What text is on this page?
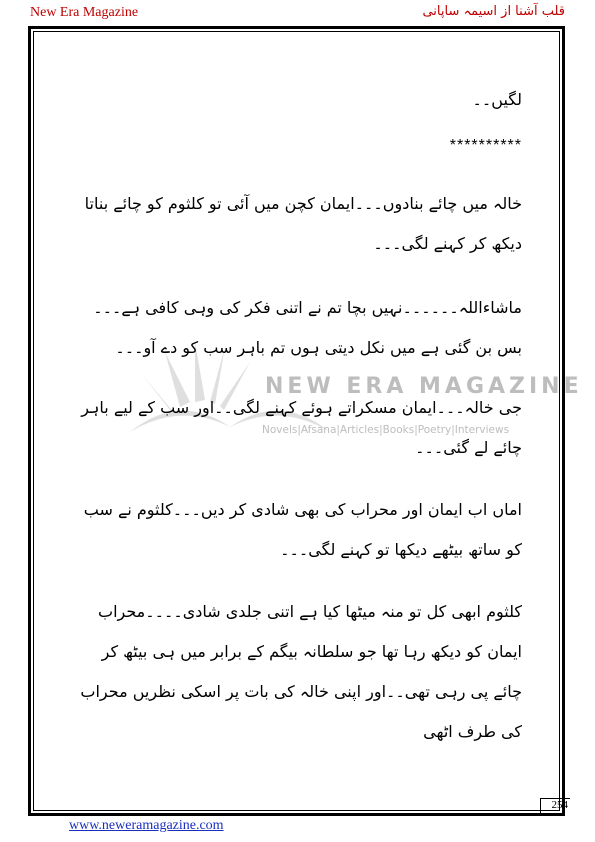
New Era Magazine	قلب آشنا از اسیمہ ساپانی
NEW ERA MAGAZINE
Novels|Afsana|Articles|Books|Poetry|Interviews
لگیں۔۔
**********
خالہ میں چائے بنادوں۔۔۔ایمان کچن میں آئی تو کلثوم کو چائے بناتا دیکھ کر کہنے لگی۔۔۔
ماشاءاللہ۔۔۔۔۔۔نہیں بچا تم نے اتنی فکر کی وہی کافی ہے۔۔۔بس بن گئی ہے میں نکل دیتی ہوں تم باہر سب کو دے آو۔۔۔
جی خالہ۔۔۔ایمان مسکراتے ہوئے کہنے لگی۔۔اور سب کے لیے باہر چائے لے گئی۔۔۔
اماں اب ایمان اور محراب کی بھی شادی کر دیں۔۔۔کلثوم نے سب کو ساتھ بیٹھے دیکھا تو کہنے لگی۔۔۔
کلثوم ابھی کل تو منہ میٹھا کیا ہے اتنی جلدی شادی۔۔۔۔محراب ایمان کو دیکھ رہا تھا جو سلطانہ بیگم کے برابر میں ہی بیٹھ کر چائے پی رہی تھی۔۔اور اپنی خالہ کی بات پر اسکی نظریں محراب کی طرف اٹھی
254
www.neweramagazine.com
